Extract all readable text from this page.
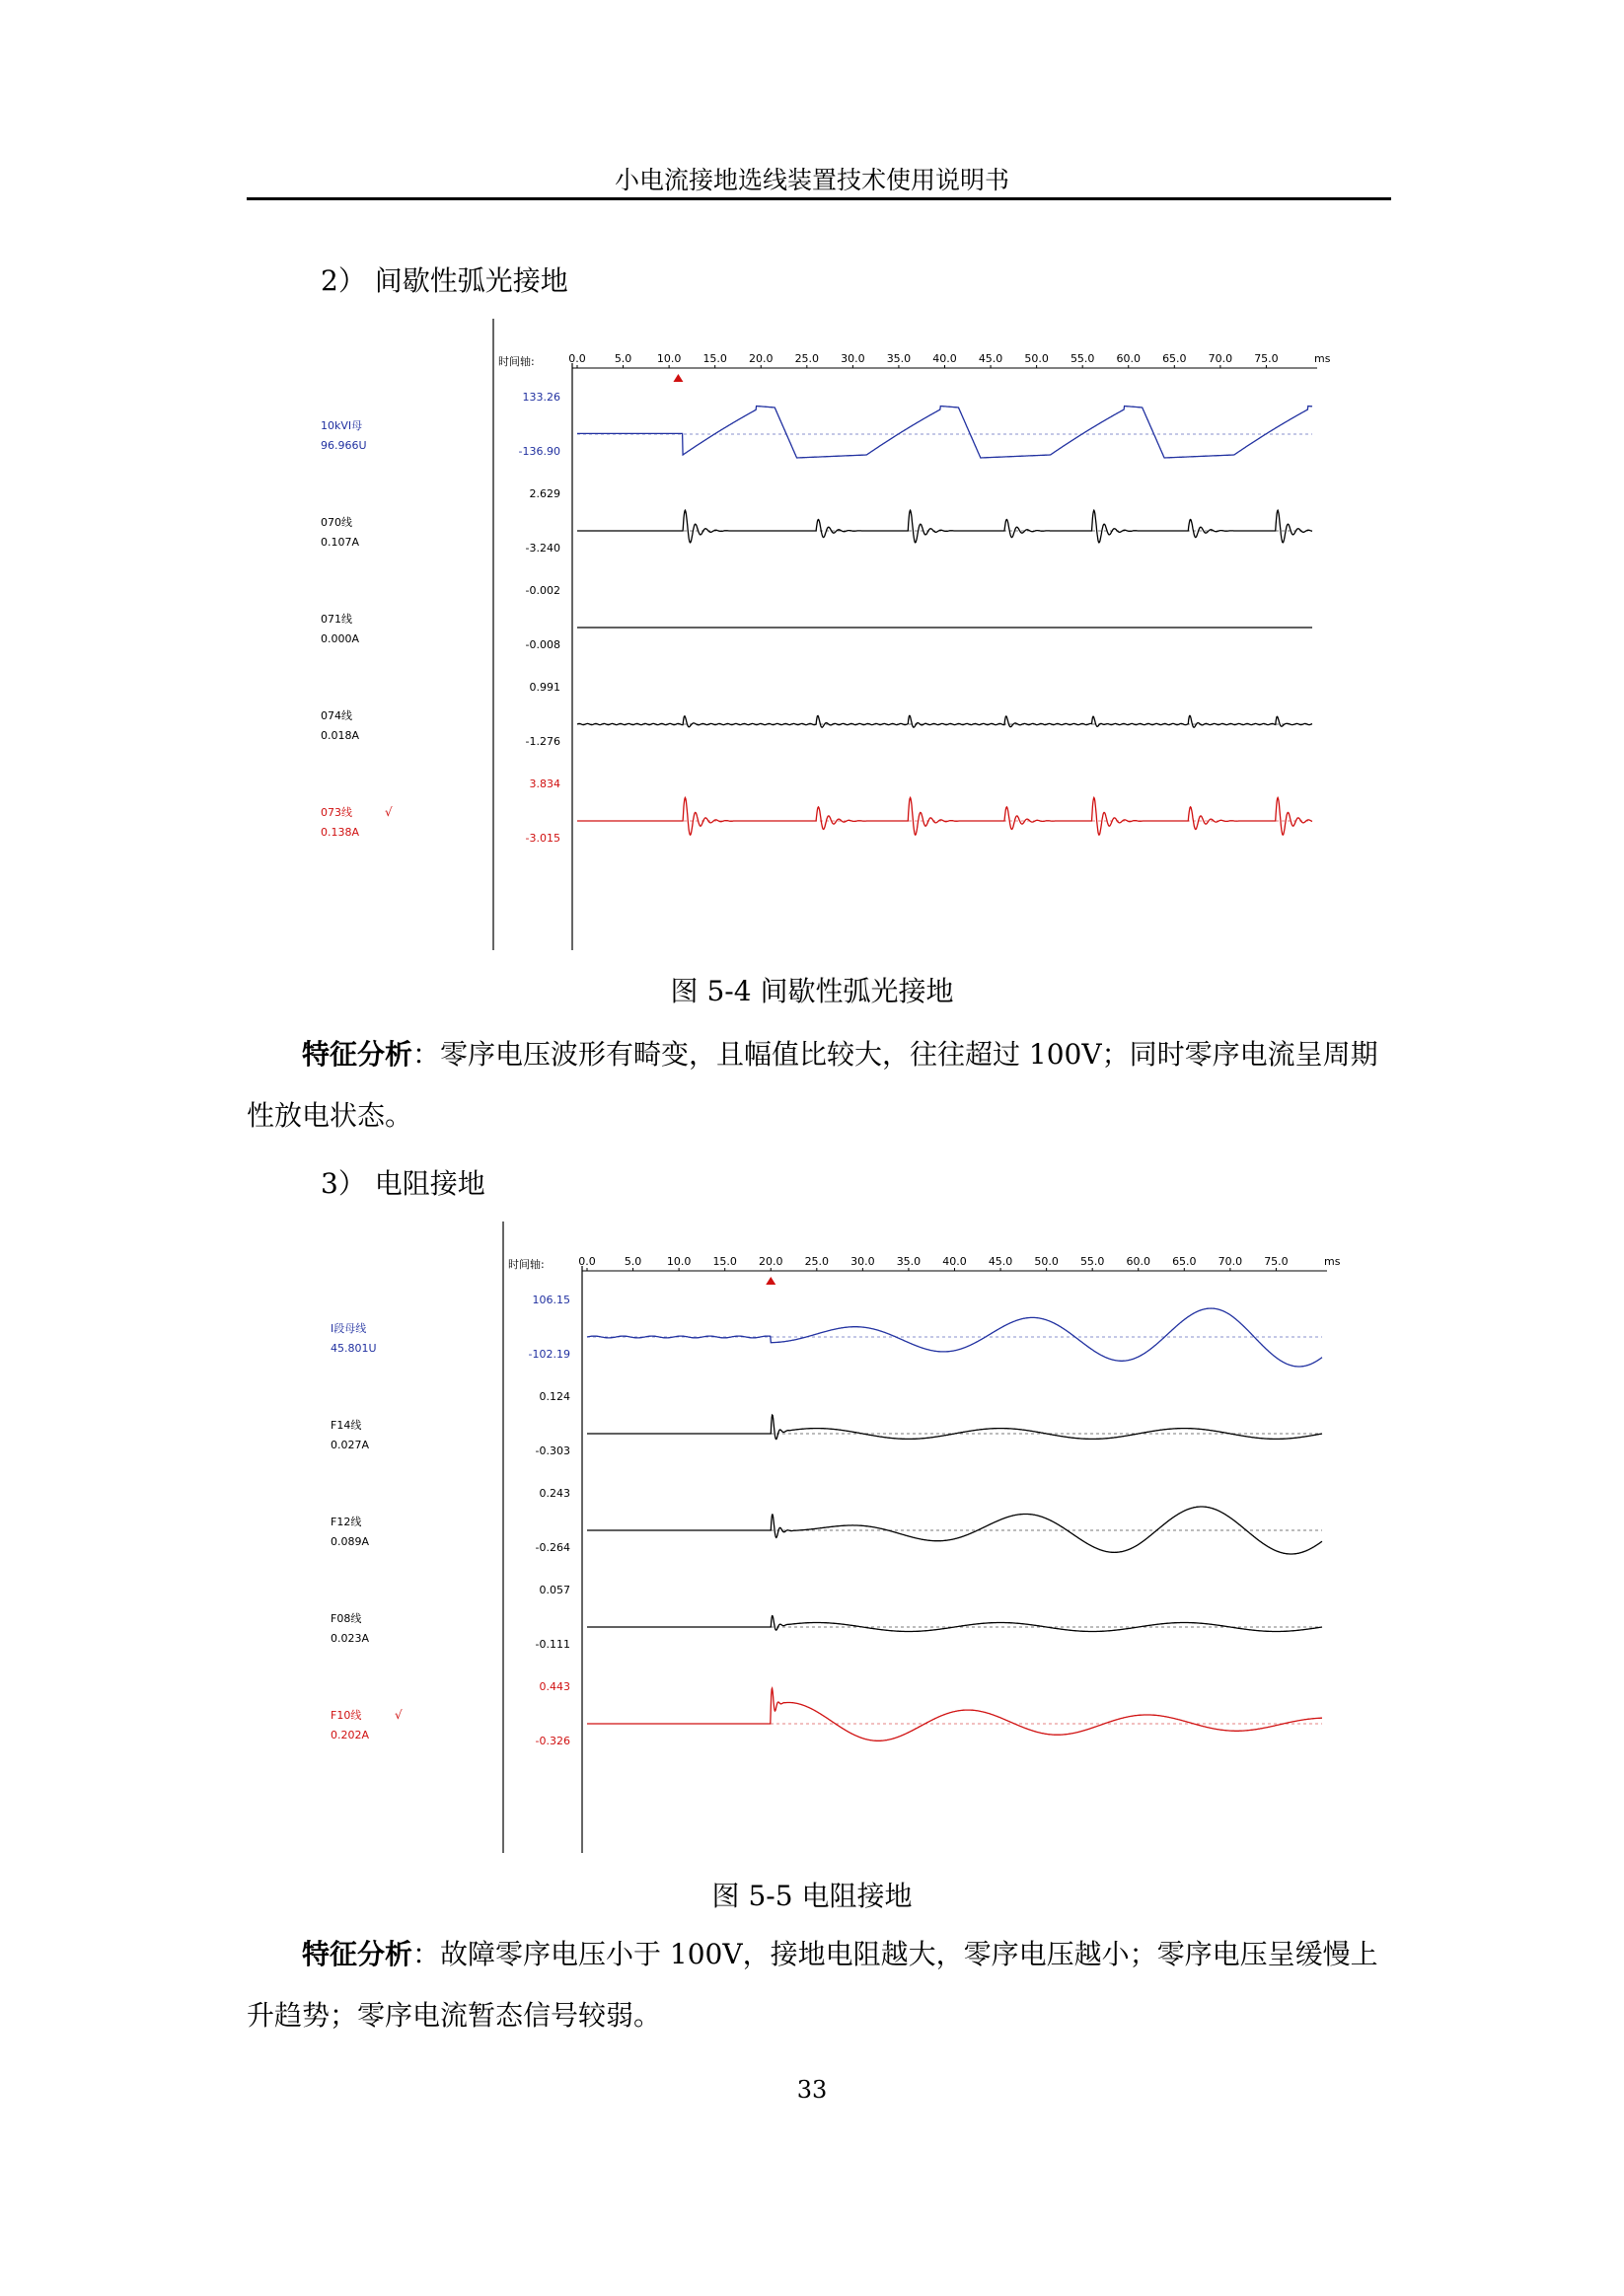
小电流接地选线装置技术使用说明书
2） 间歇性弧光接地
时间轴:	0.0	5.0 10.0 15.0 20.0 25.0 30.0 35.0 40.0 45.0 50.0 55.0 60.0 65.0 70.0 75.0	ms
10kVI母
96.966U
133.26
-136.90
070线
0.107A
2.629
-3.240
071线
0.000A
-0.002
-0.008
074线
0.018A
0.991
-1.276
073线
0.138A
√
3.834
-3.015
图 5-4 间歇性弧光接地
特征分析：零序电压波形有畸变，且幅值比较大，往往超过 100V；同时零序电流呈周期性放电状态。
3） 电阻接地
时间轴:	0.0	5.0 10.0 15.0 20.0 25.0 30.0 35.0 40.0 45.0 50.0 55.0 60.0 65.0 70.0 75.0	ms
I段母线
45.801U
106.15
-102.19
F14线
0.027A
0.124
-0.303
F12线
0.089A
0.243
-0.264
F08线
0.023A
0.057
-0.111
F10线
0.202A
√
0.443
-0.326
图 5-5 电阻接地
特征分析：故障零序电压小于 100V，接地电阻越大，零序电压越小；零序电压呈缓慢上升趋势；零序电流暂态信号较弱。
33
